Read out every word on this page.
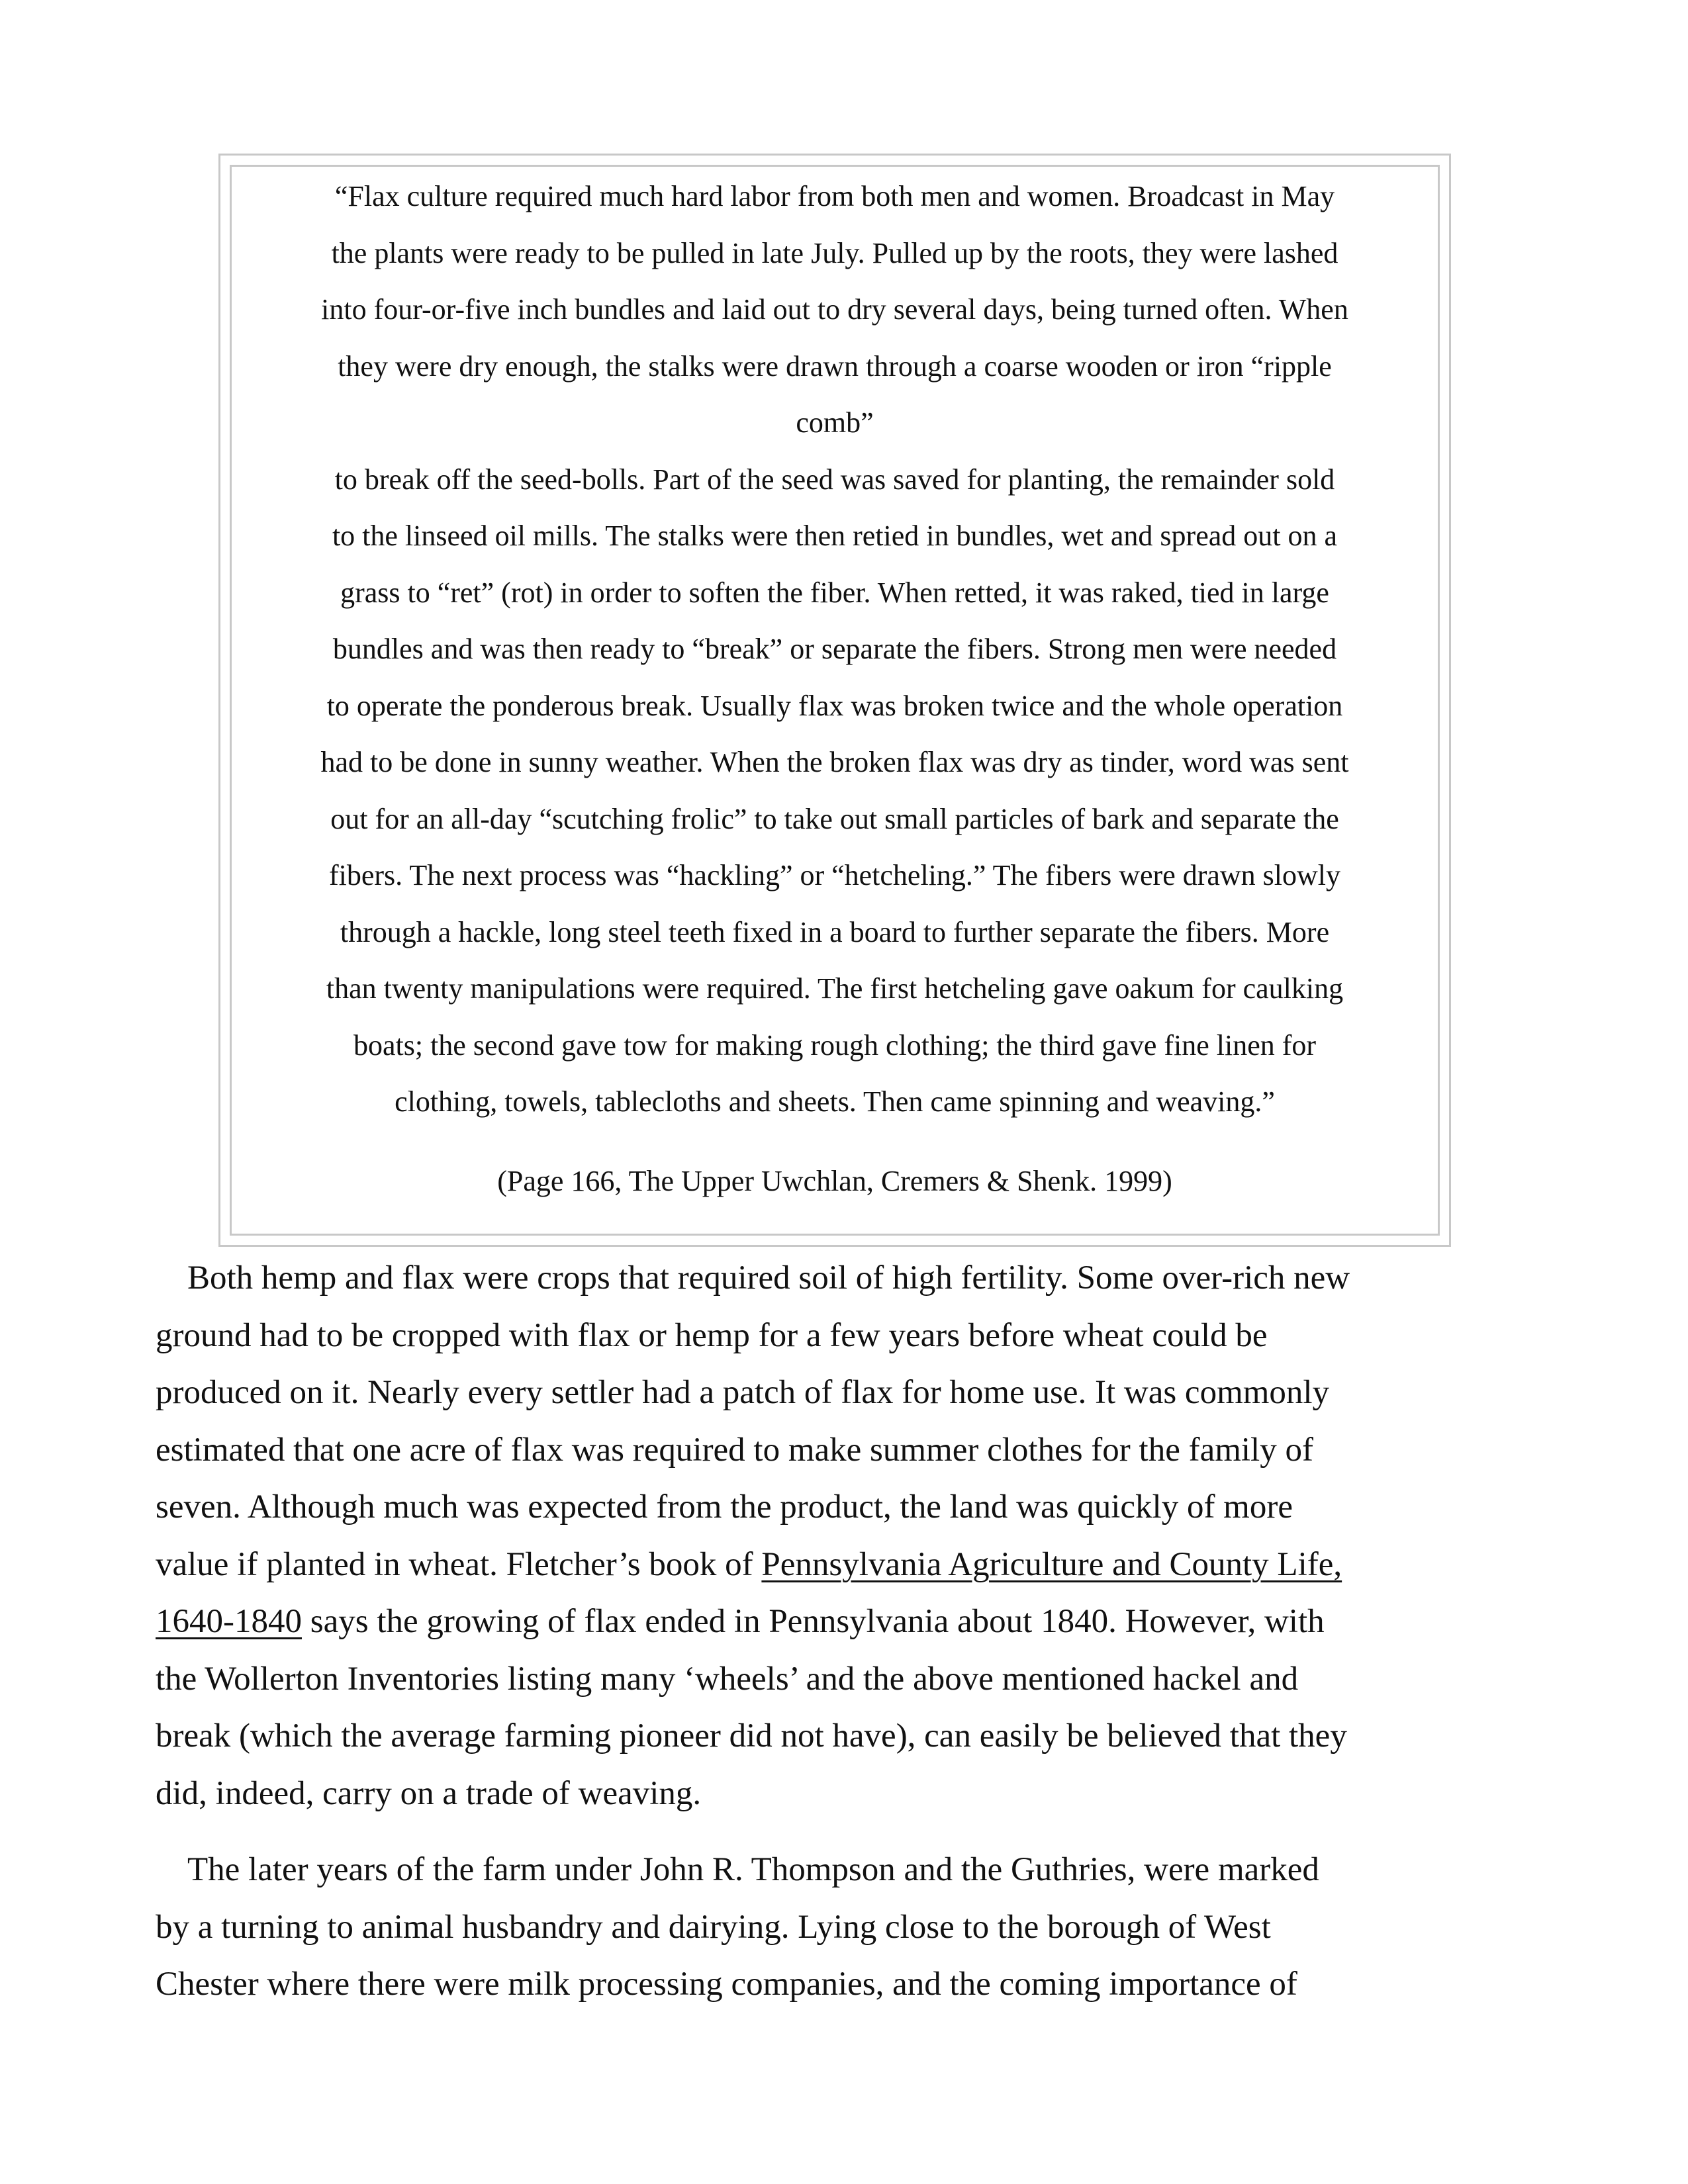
“Flax culture required much hard labor from both men and women. Broadcast in May
the plants were ready to be pulled in late July. Pulled up by the roots, they were lashed
into four-or-five inch bundles and laid out to dry several days, being turned often. When
they were dry enough, the stalks were drawn through a coarse wooden or iron “ripple
comb”
to break off the seed-bolls. Part of the seed was saved for planting, the remainder sold
to the linseed oil mills. The stalks were then retied in bundles, wet and spread out on a
grass to “ret” (rot) in order to soften the fiber. When retted, it was raked, tied in large
bundles and was then ready to “break” or separate the fibers. Strong men were needed
to operate the ponderous break. Usually flax was broken twice and the whole operation
had to be done in sunny weather. When the broken flax was dry as tinder, word was sent
out for an all-day “scutching frolic” to take out small particles of bark and separate the
fibers. The next process was “hackling” or “hetcheling.” The fibers were drawn slowly
through a hackle, long steel teeth fixed in a board to further separate the fibers. More
than twenty manipulations were required. The first hetcheling gave oakum for caulking
boats; the second gave tow for making rough clothing; the third gave fine linen for
clothing, towels, tablecloths and sheets. Then came spinning and weaving.”
(Page 166, The Upper Uwchlan, Cremers & Shenk. 1999)
Both hemp and flax were crops that required soil of high fertility. Some over-rich new
ground had to be cropped with flax or hemp for a few years before wheat could be
produced on it. Nearly every settler had a patch of flax for home use. It was commonly
estimated that one acre of flax was required to make summer clothes for the family of
seven. Although much was expected from the product, the land was quickly of more
value if planted in wheat. Fletcher’s book of Pennsylvania Agriculture and County Life,
1640-1840 says the growing of flax ended in Pennsylvania about 1840. However, with
the Wollerton Inventories listing many ‘wheels’ and the above mentioned hackel and
break (which the average farming pioneer did not have), can easily be believed that they
did, indeed, carry on a trade of weaving.
The later years of the farm under John R. Thompson and the Guthries, were marked
by a turning to animal husbandry and dairying. Lying close to the borough of West
Chester where there were milk processing companies, and the coming importance of
